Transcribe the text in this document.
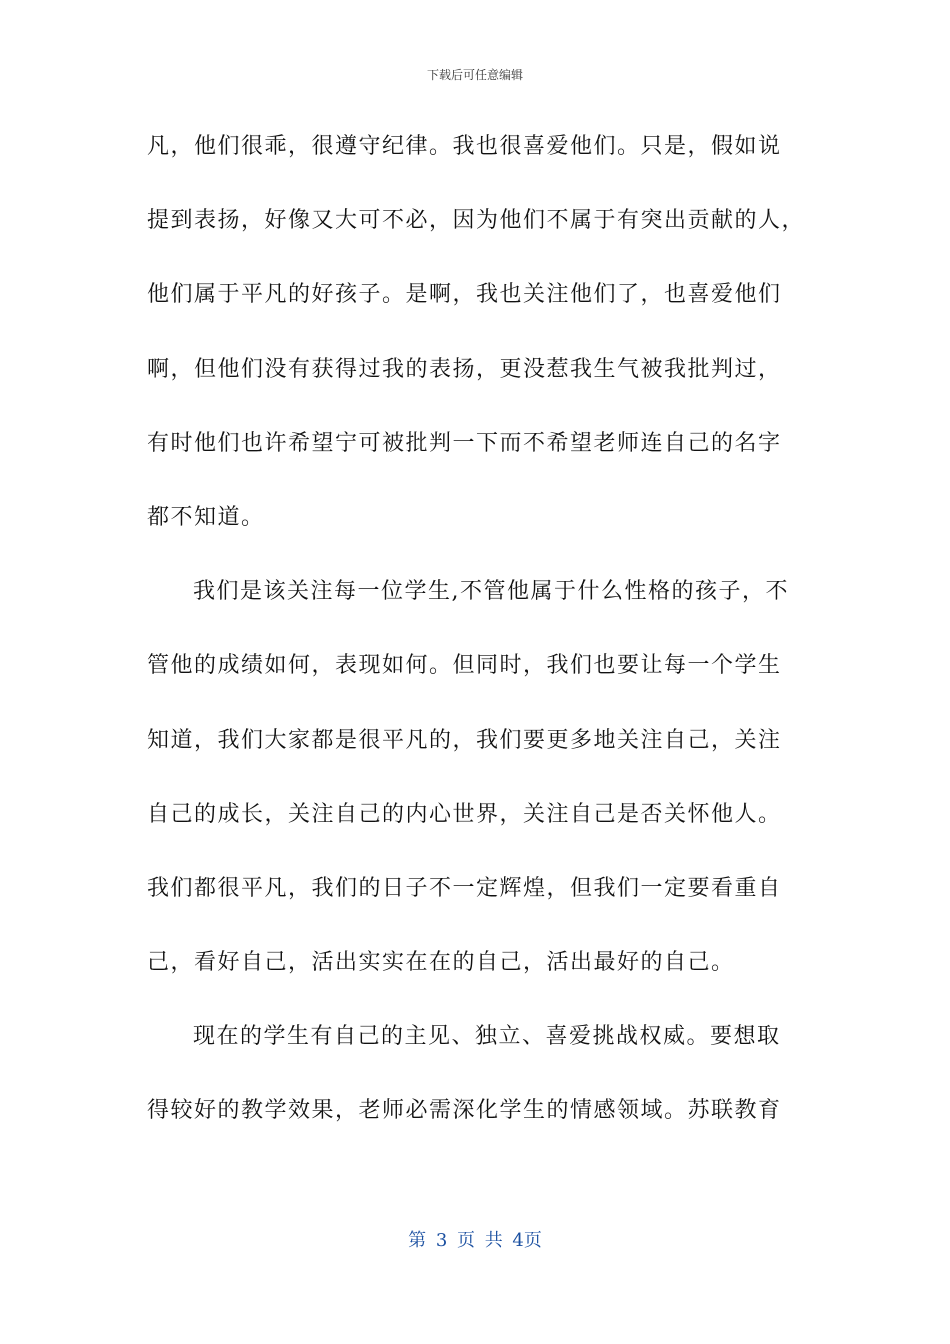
下载后可任意编辑
凡，他们很乖，很遵守纪律。我也很喜爱他们。只是，假如说
提到表扬，好像又大可不必，因为他们不属于有突出贡献的人，
他们属于平凡的好孩子。是啊，我也关注他们了，也喜爱他们
啊，但他们没有获得过我的表扬，更没惹我生气被我批判过，
有时他们也许希望宁可被批判一下而不希望老师连自己的名字
都不知道。
我们是该关注每一位学生,不管他属于什么性格的孩子，不
管他的成绩如何，表现如何。但同时，我们也要让每一个学生
知道，我们大家都是很平凡的，我们要更多地关注自己，关注
自己的成长，关注自己的内心世界，关注自己是否关怀他人。
我们都很平凡，我们的日子不一定辉煌，但我们一定要看重自
己，看好自己，活出实实在在的自己，活出最好的自己。
现在的学生有自己的主见、独立、喜爱挑战权威。要想取
得较好的教学效果，老师必需深化学生的情感领域。苏联教育
第 3 页 共 4页
